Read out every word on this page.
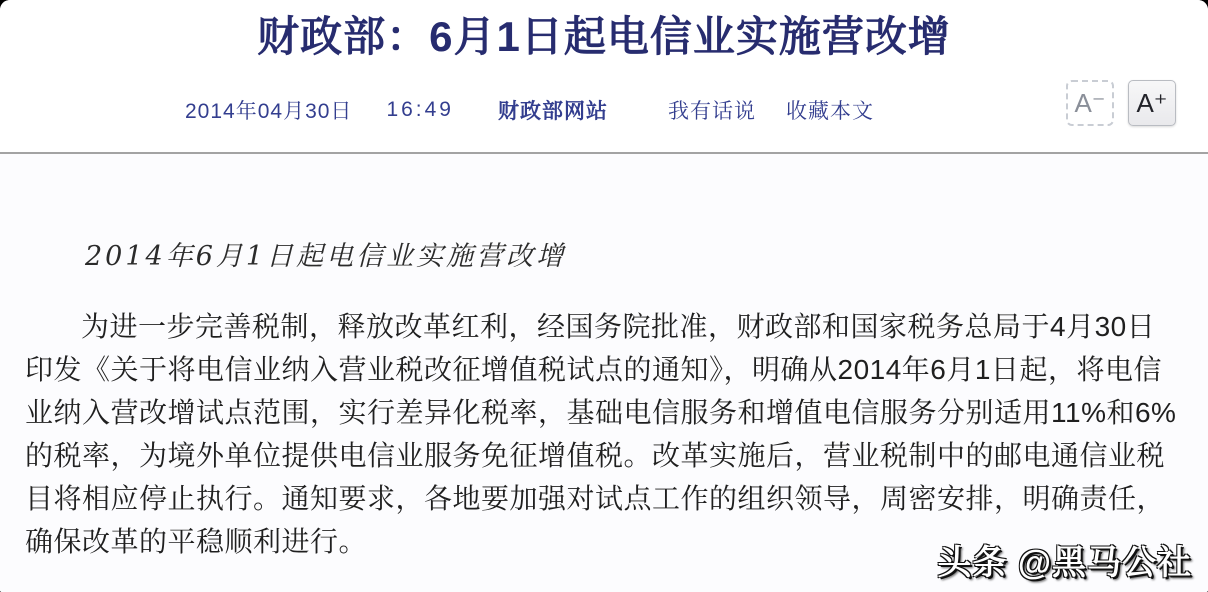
财政部：6月1日起电信业实施营改增
2014年04月30日 16:49 财政部网站	我有话说 收藏本文	A⁻	A⁺

2014年6月1日起电信业实施营改增

为进一步完善税制，释放改革红利，经国务院批准，财政部和国家税务总局于4月30日
印发《关于将电信业纳入营业税改征增值税试点的通知》，明确从2014年6月1日起，将电信
业纳入营改增试点范围，实行差异化税率，基础电信服务和增值电信服务分别适用11%和6%
的税率，为境外单位提供电信业服务免征增值税。改革实施后，营业税制中的邮电通信业税
目将相应停止执行。通知要求，各地要加强对试点工作的组织领导，周密安排，明确责任，
确保改革的平稳顺利进行。
头条 @黑马公社
